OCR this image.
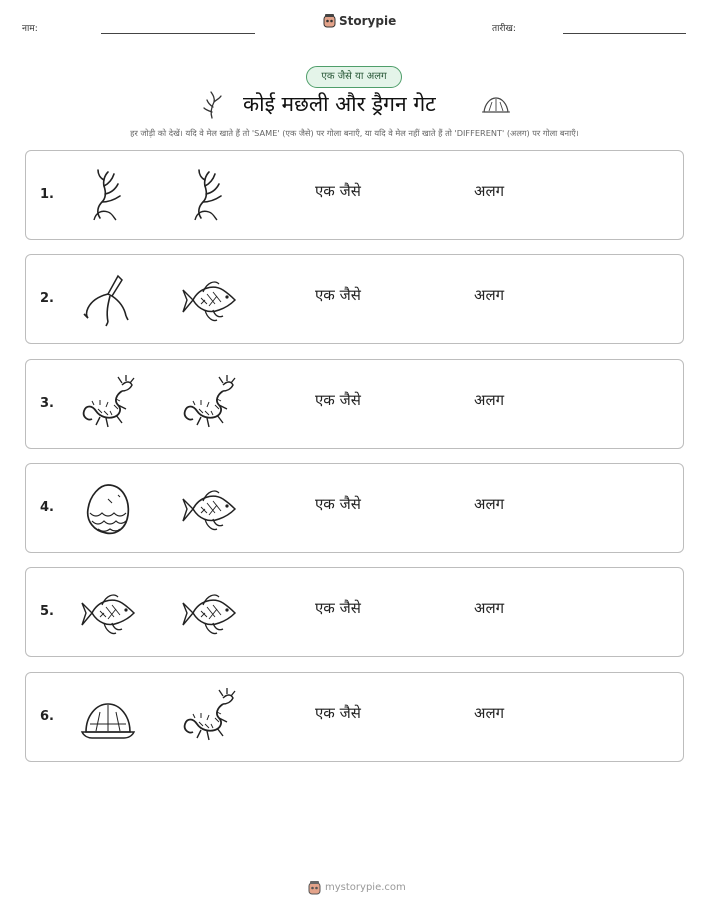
नाम:
Storypie
तारीख:
एक जैसे या अलग
कोई मछली और ड्रैगन गेट
हर जोड़ी को देखें। यदि वे मेल खाते हैं तो 'SAME' (एक जैसे) पर गोला बनाएँ, या यदि वे मेल नहीं खाते हैं तो 'DIFFERENT' (अलग) पर गोला बनाएँ।
1.	एक जैसे	अलग
2.	एक जैसे	अलग
3.	एक जैसे	अलग
4.	एक जैसे	अलग
5.	एक जैसे	अलग
6.	एक जैसे	अलग
mystorypie.com
